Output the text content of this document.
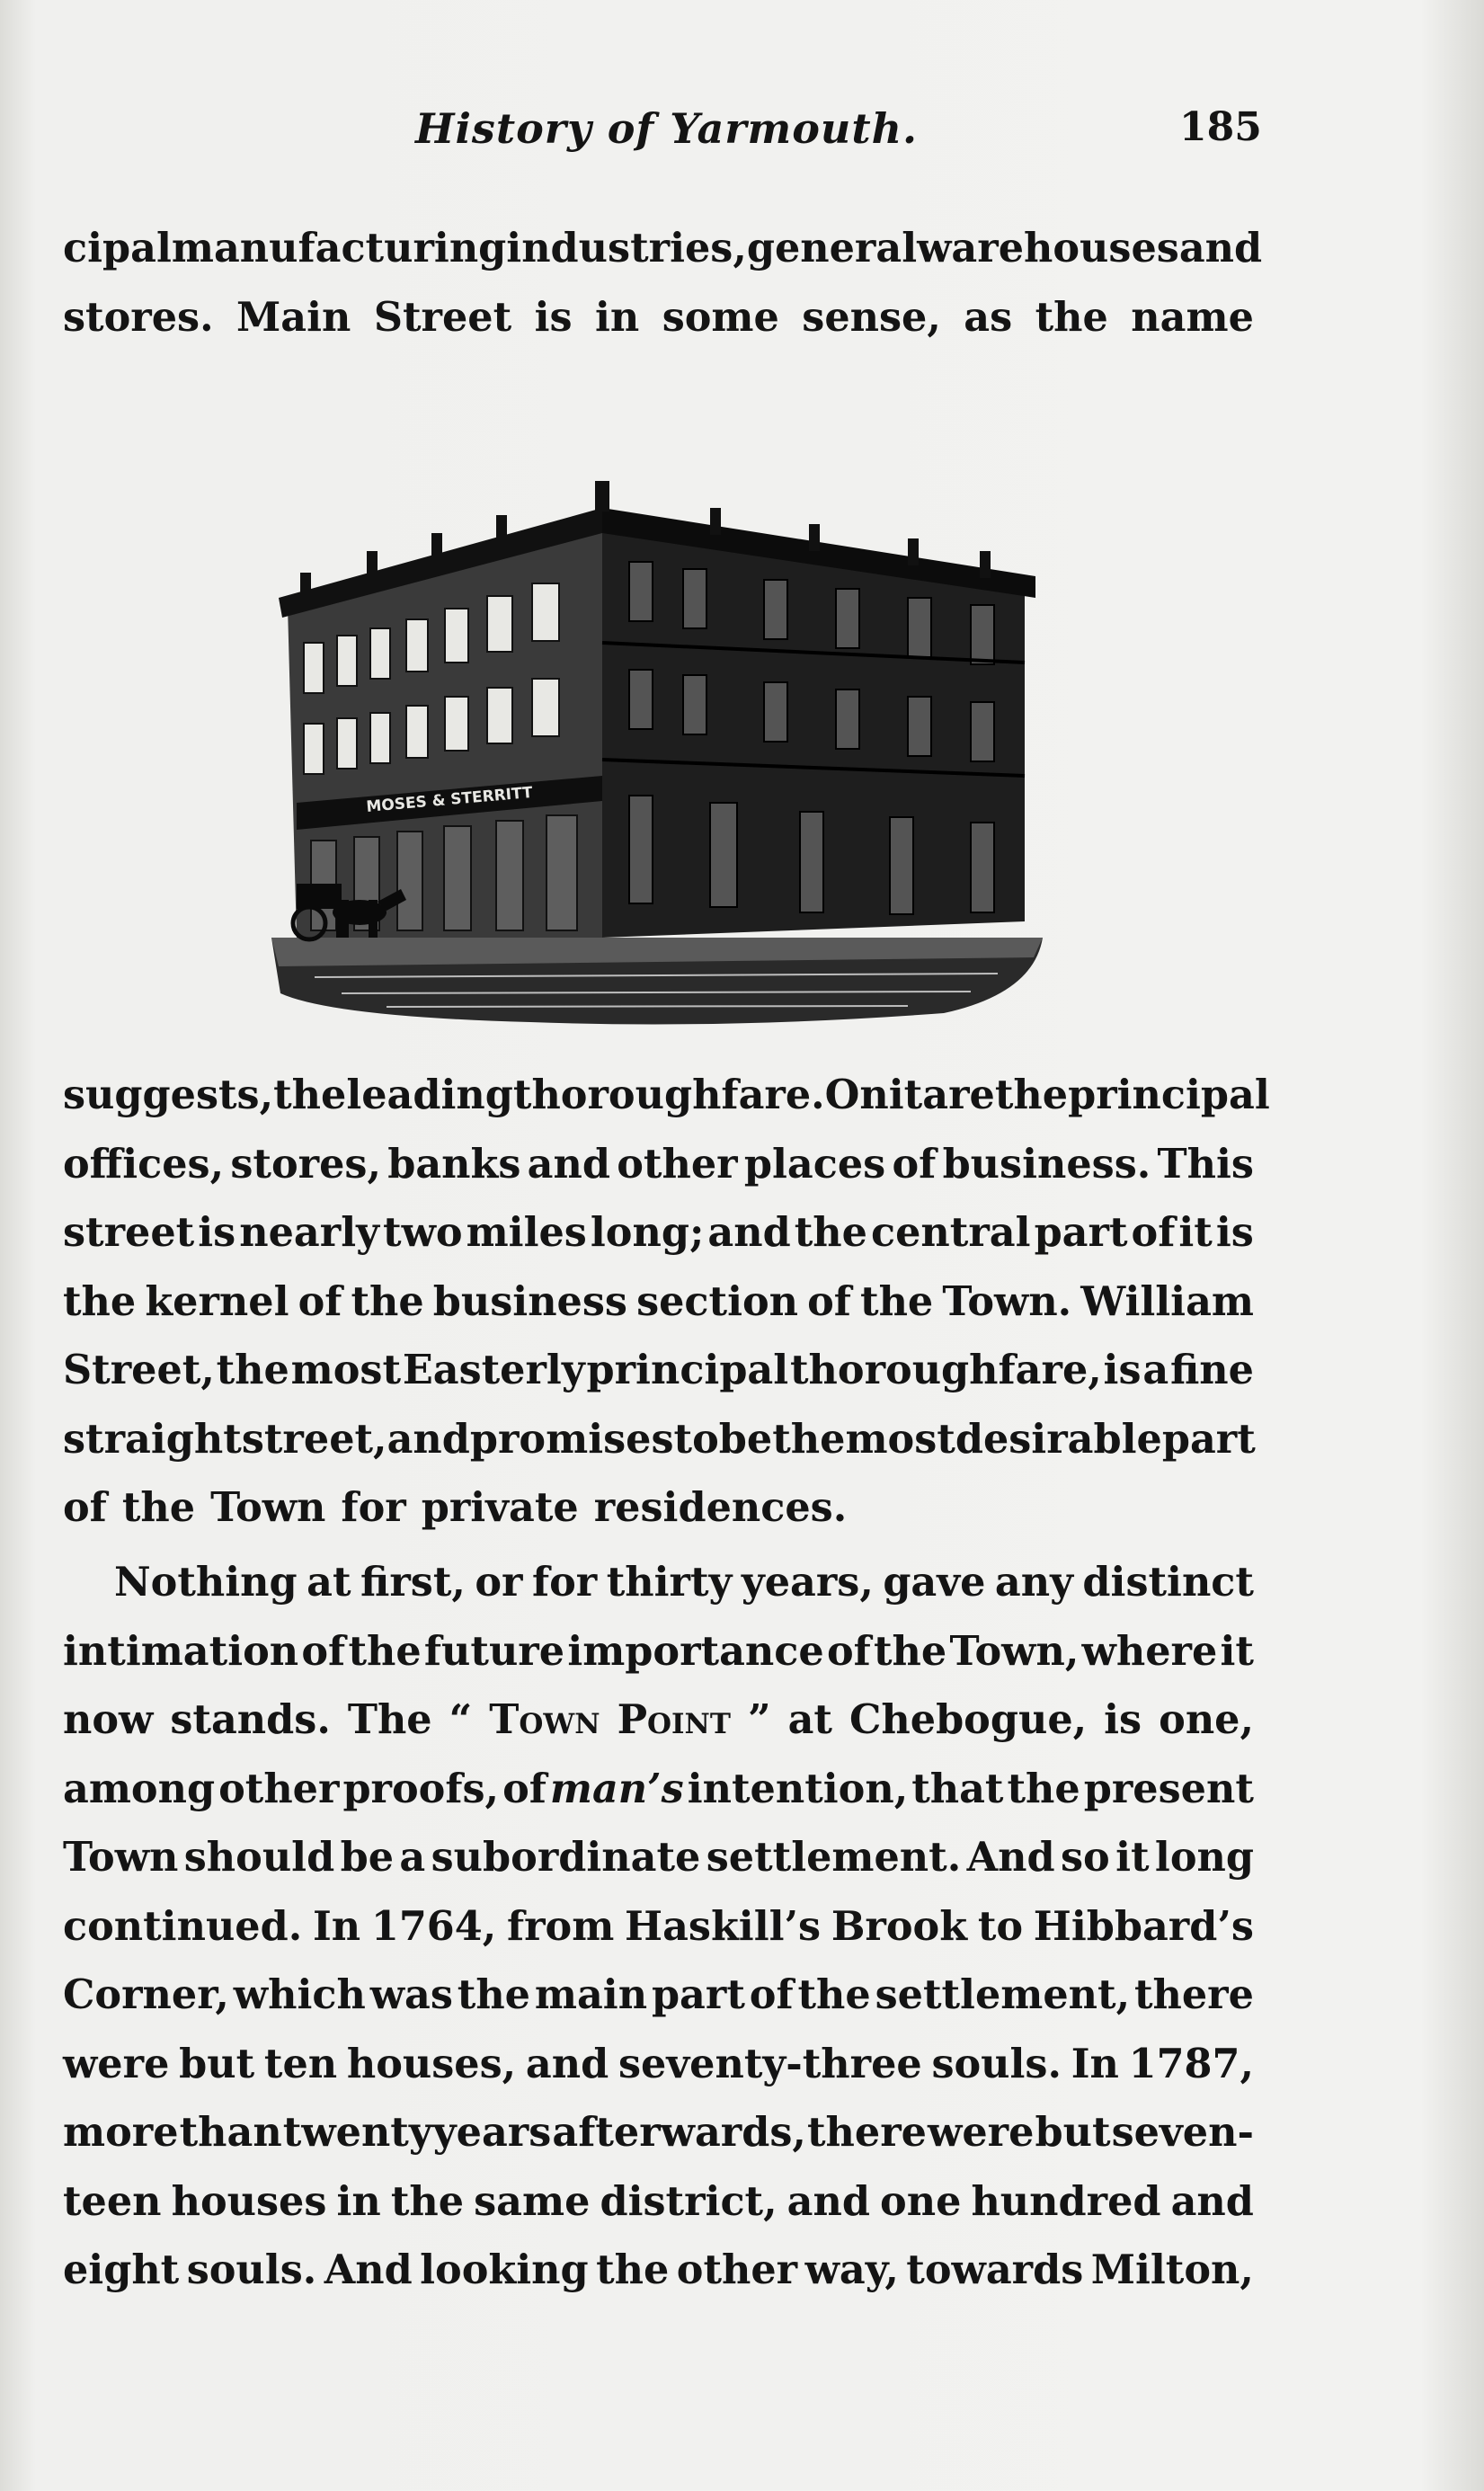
History of Yarmouth.	185
cipal manufacturing industries, general warehouses and
stores. Main Street is in some sense, as the name
MOSES & STERRITT
suggests, the leading thoroughfare. On it are the principal
offices, stores, banks and other places of business. This
street is nearly two miles long; and the central part of it is
the kernel of the business section of the Town. William
Street, the most Easterly principal thoroughfare, is a fine
straight street, and promises to be the most desirable part
of the Town for private residences.
Nothing at first, or for thirty years, gave any distinct
intimation of the future importance of the Town, where it
now stands. The “ Town Point ” at Chebogue, is one,
among other proofs, of man’s intention, that the present
Town should be a subordinate settlement. And so it long
continued. In 1764, from Haskill’s Brook to Hibbard’s
Corner, which was the main part of the settlement, there
were but ten houses, and seventy-three souls. In 1787,
more than twenty years afterwards, there were but seven-
teen houses in the same district, and one hundred and
eight souls. And looking the other way, towards Milton,
